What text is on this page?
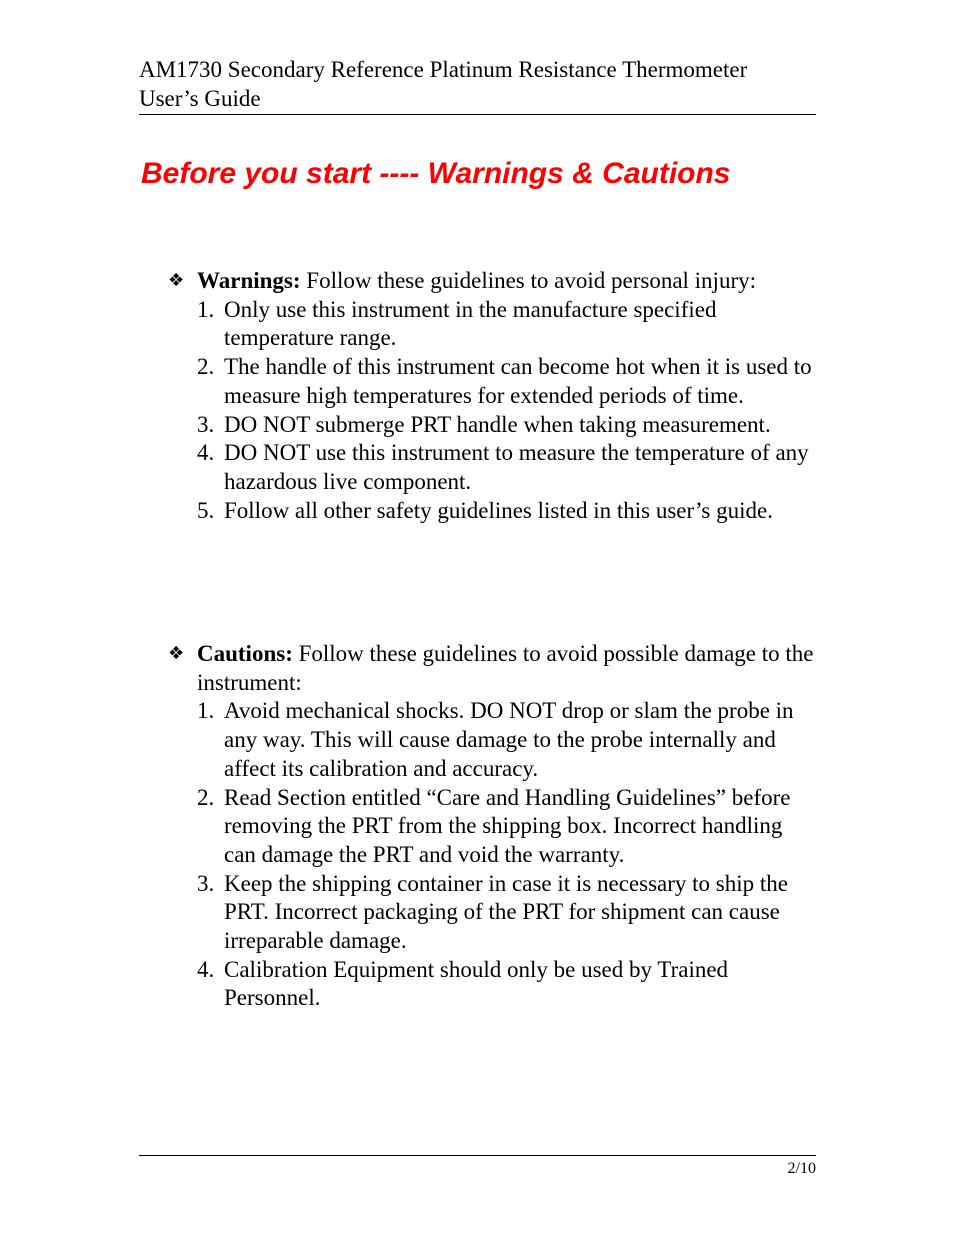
AM1730 Secondary Reference Platinum Resistance Thermometer
User’s Guide
Before you start ---- Warnings & Cautions
❖ Warnings: Follow these guidelines to avoid personal injury:
1. Only use this instrument in the manufacture specified temperature range.
2. The handle of this instrument can become hot when it is used to measure high temperatures for extended periods of time.
3. DO NOT submerge PRT handle when taking measurement.
4. DO NOT use this instrument to measure the temperature of any hazardous live component.
5. Follow all other safety guidelines listed in this user’s guide.
❖ Cautions: Follow these guidelines to avoid possible damage to the instrument:
1. Avoid mechanical shocks. DO NOT drop or slam the probe in any way. This will cause damage to the probe internally and affect its calibration and accuracy.
2. Read Section entitled “Care and Handling Guidelines” before removing the PRT from the shipping box. Incorrect handling can damage the PRT and void the warranty.
3. Keep the shipping container in case it is necessary to ship the PRT. Incorrect packaging of the PRT for shipment can cause irreparable damage.
4. Calibration Equipment should only be used by Trained Personnel.
2/10
